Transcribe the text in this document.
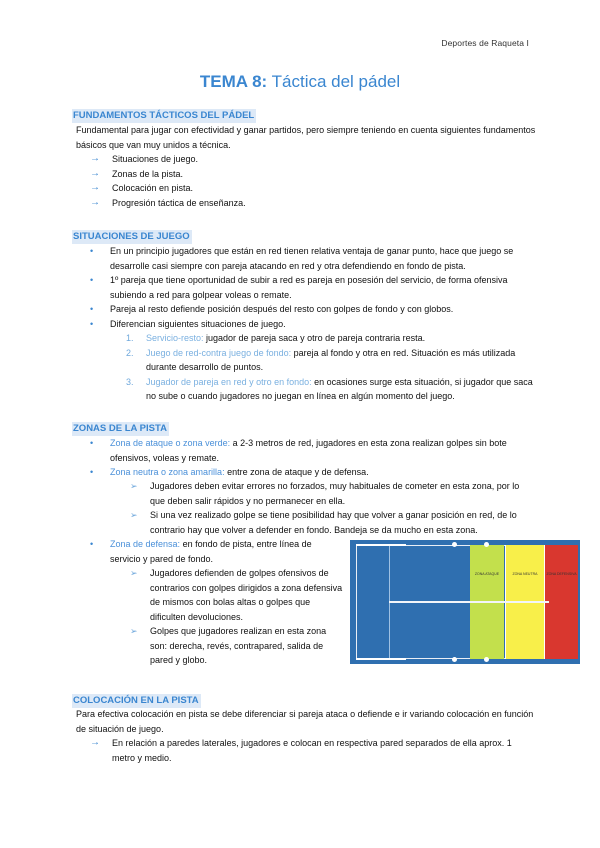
Deportes de Raqueta I
TEMA 8: Táctica del pádel
FUNDAMENTOS TÁCTICOS DEL PÁDEL
Fundamental para jugar con efectividad y ganar partidos, pero siempre teniendo en cuenta siguientes fundamentos básicos que van muy unidos a técnica.
→ Situaciones de juego.
→ Zonas de la pista.
→ Colocación en pista.
→ Progresión táctica de enseñanza.
SITUACIONES DE JUEGO
• En un principio jugadores que están en red tienen relativa ventaja de ganar punto, hace que juego se desarrolle casi siempre con pareja atacando en red y otra defendiendo en fondo de pista.
• 1º pareja que tiene oportunidad de subir a red es pareja en posesión del servicio, de forma ofensiva subiendo a red para golpear voleas o remate.
• Pareja al resto defiende posición después del resto con golpes de fondo y con globos.
• Diferencian siguientes situaciones de juego.
1. Servicio-resto: jugador de pareja saca y otro de pareja contraria resta.
2. Juego de red-contra juego de fondo: pareja al fondo y otra en red. Situación es más utilizada durante desarrollo de puntos.
3. Jugador de pareja en red y otro en fondo: en ocasiones surge esta situación, si jugador que saca no sube o cuando jugadores no juegan en línea en algún momento del juego.
ZONAS DE LA PISTA
• Zona de ataque o zona verde: a 2-3 metros de red, jugadores en esta zona realizan golpes sin bote ofensivos, voleas y remate.
• Zona neutra o zona amarilla: entre zona de ataque y de defensa.
➢ Jugadores deben evitar errores no forzados, muy habituales de cometer en esta zona, por lo que deben salir rápidos y no permanecer en ella.
➢ Si una vez realizado golpe se tiene posibilidad hay que volver a ganar posición en red, de lo contrario hay que volver a defender en fondo. Bandeja se da mucho en esta zona.
• Zona de defensa: en fondo de pista, entre línea de servicio y pared de fondo.
➢ Jugadores defienden de golpes ofensivos de contrarios con golpes dirigidos a zona defensiva de mismos con bolas altas o golpes que dificulten devoluciones.
➢ Golpes que jugadores realizan en esta zona son: derecha, revés, contrapared, salida de pared y globo.
ZONA ATAQUE	ZONA NEUTRA	ZONA DEFENSIVA
COLOCACIÓN EN LA PISTA
Para efectiva colocación en pista se debe diferenciar si pareja ataca o defiende e ir variando colocación en función de situación de juego.
→ En relación a paredes laterales, jugadores e colocan en respectiva pared separados de ella aprox. 1 metro y medio.
